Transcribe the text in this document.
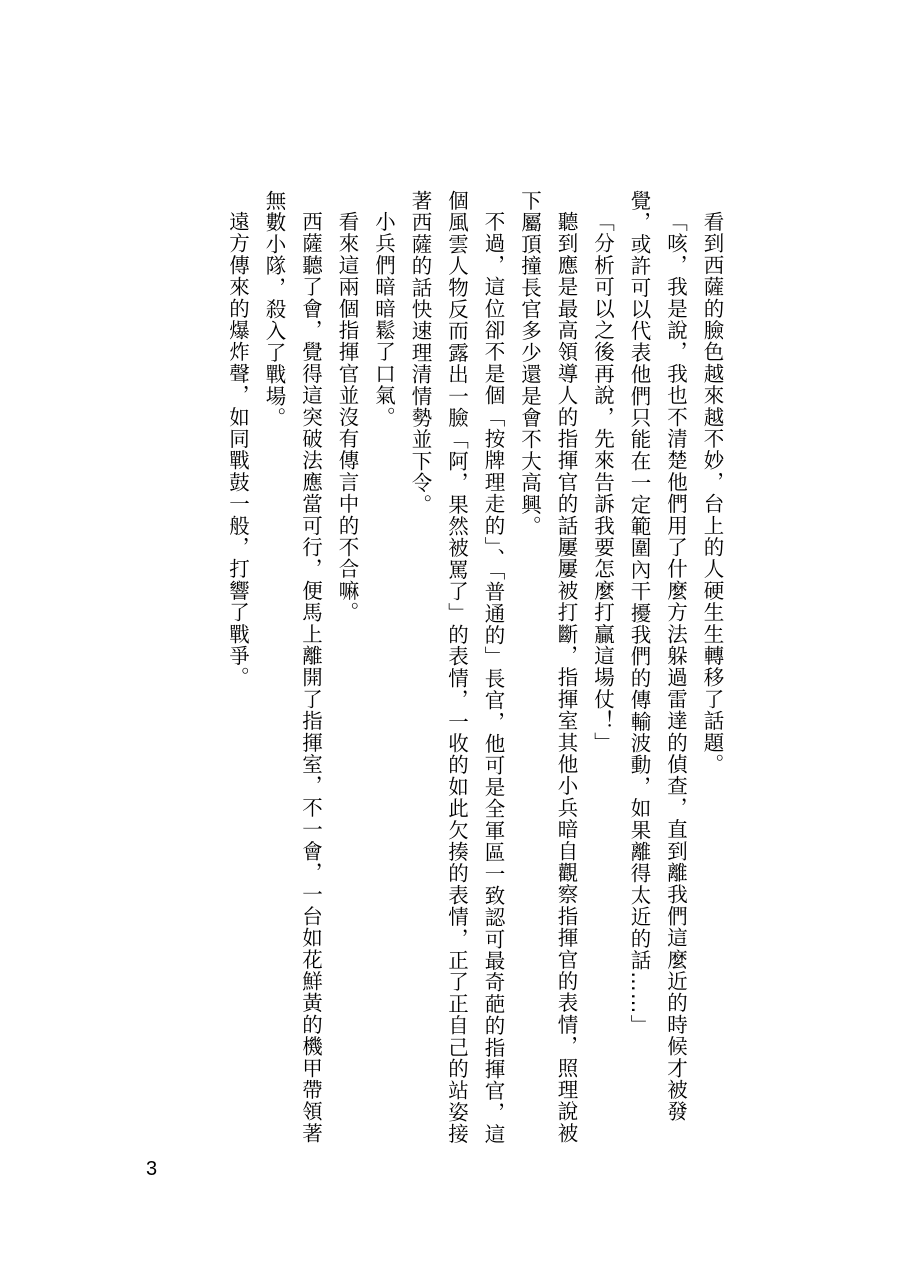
看到西薩的臉色越來越不妙，台上的人硬生生轉移了話題。

「咳，我是說，我也不清楚他們用了什麼方法躲過雷達的偵查，直到離我們這麼近的時候才被發覺，或許可以代表他們只能在一定範圍內干擾我們的傳輸波動，如果離得太近的話……」

「分析可以之後再說，先來告訴我要怎麼打贏這場仗！」

聽到應是最高領導人的指揮官的話屢屢被打斷，指揮室其他小兵暗自觀察指揮官的表情，照理說被下屬頂撞長官多少還是會不大高興。

不過，這位卻不是個「按牌理走的」、「普通的」長官，他可是全軍區一致認可最奇葩的指揮官，這個風雲人物反而露出一臉「阿，果然被罵了」的表情，一收的如此欠揍的表情，正了正自己的站姿接著西薩的話快速理清情勢並下令。

小兵們暗暗鬆了口氣。

看來這兩個指揮官並沒有傳言中的不合嘛。

西薩聽了會，覺得這突破法應當可行，便馬上離開了指揮室，不一會，一台如花鮮黃的機甲帶領著無數小隊，殺入了戰場。

遠方傳來的爆炸聲，如同戰鼓一般，打響了戰爭。

3
